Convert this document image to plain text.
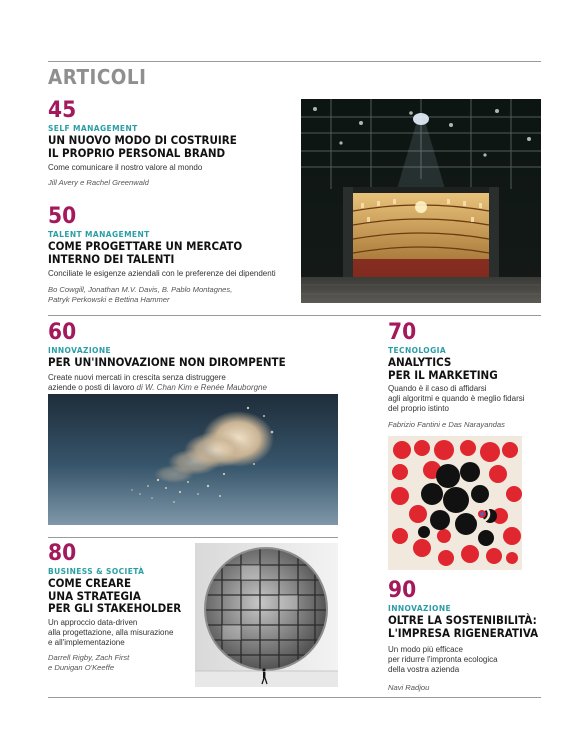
ARTICOLI
45
SELF MANAGEMENT
UN NUOVO MODO DI COSTRUIRE
IL PROPRIO PERSONAL BRAND
Come comunicare il nostro valore al mondo
Jill Avery e Rachel Greenwald
50
TALENT MANAGEMENT
COME PROGETTARE UN MERCATO
INTERNO DEI TALENTI
Conciliate le esigenze aziendali con le preferenze dei dipendenti
Bo Cowgill, Jonathan M.V. Davis, B. Pablo Montagnes,
Patryk Perkowski e Bettina Hammer
60
INNOVAZIONE
PER UN'INNOVAZIONE NON DIROMPENTE
Create nuovi mercati in crescita senza distruggere
aziende o posti di lavoro di W. Chan Kim e Renée Mauborgne
70
TECNOLOGIA
ANALYTICS
PER IL MARKETING
Quando è il caso di affidarsi
agli algoritmi e quando è meglio fidarsi
del proprio istinto
Fabrizio Fantini e Das Narayandas
80
BUSINESS & SOCIETÀ
COME CREARE
UNA STRATEGIA
PER GLI STAKEHOLDER
Un approccio data-driven
alla progettazione, alla misurazione
e all'implementazione
Darrell Rigby, Zach First
e Dunigan O'Keeffe
90
INNOVAZIONE
OLTRE LA SOSTENIBILITÀ:
L'IMPRESA RIGENERATIVA
Un modo più efficace
per ridurre l'impronta ecologica
della vostra azienda
Navi Radjou
